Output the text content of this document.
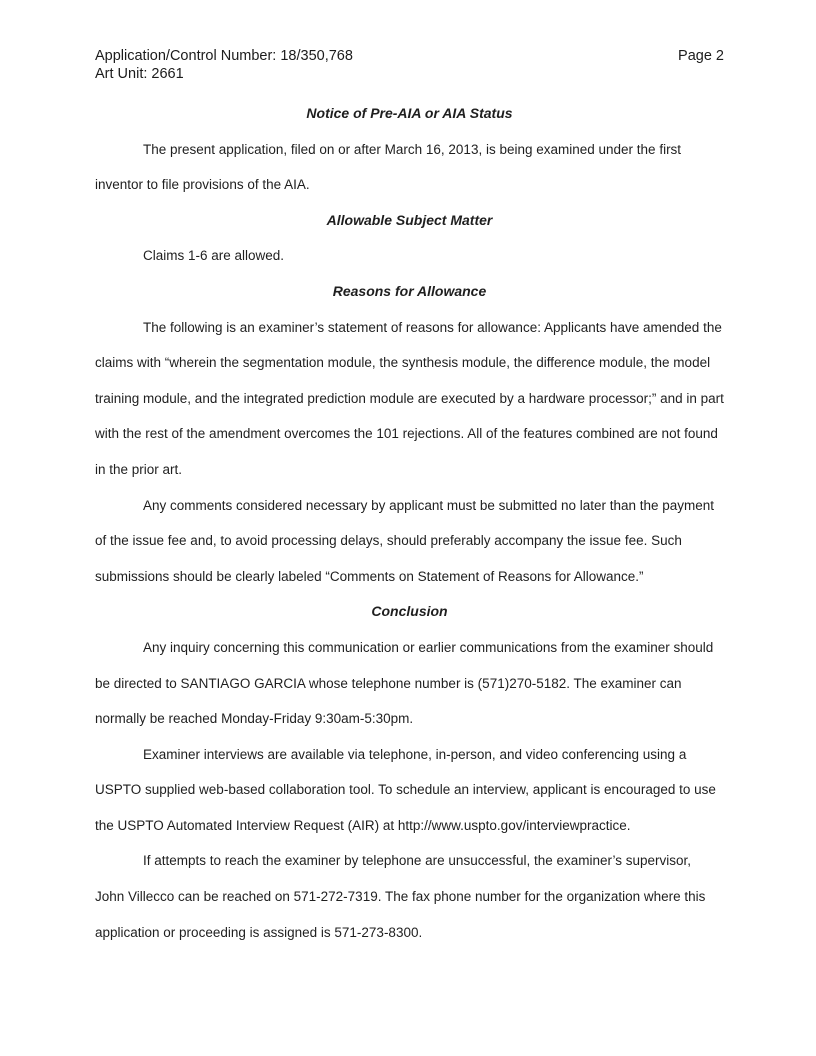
Application/Control Number: 18/350,768	Page 2
Art Unit: 2661
Notice of Pre-AIA or AIA Status

The present application, filed on or after March 16, 2013, is being examined under the first inventor to file provisions of the AIA.

Allowable Subject Matter

Claims 1-6 are allowed.

Reasons for Allowance

The following is an examiner’s statement of reasons for allowance: Applicants have amended the claims with “wherein the segmentation module, the synthesis module, the difference module, the model training module, and the integrated prediction module are executed by a hardware processor;” and in part with the rest of the amendment overcomes the 101 rejections. All of the features combined are not found in the prior art.

Any comments considered necessary by applicant must be submitted no later than the payment of the issue fee and, to avoid processing delays, should preferably accompany the issue fee. Such submissions should be clearly labeled “Comments on Statement of Reasons for Allowance.”

Conclusion

Any inquiry concerning this communication or earlier communications from the examiner should be directed to SANTIAGO GARCIA whose telephone number is (571)270-5182. The examiner can normally be reached Monday-Friday 9:30am-5:30pm.

Examiner interviews are available via telephone, in-person, and video conferencing using a USPTO supplied web-based collaboration tool. To schedule an interview, applicant is encouraged to use the USPTO Automated Interview Request (AIR) at http://www.uspto.gov/interviewpractice.

If attempts to reach the examiner by telephone are unsuccessful, the examiner’s supervisor, John Villecco can be reached on 571-272-7319. The fax phone number for the organization where this application or proceeding is assigned is 571-273-8300.
